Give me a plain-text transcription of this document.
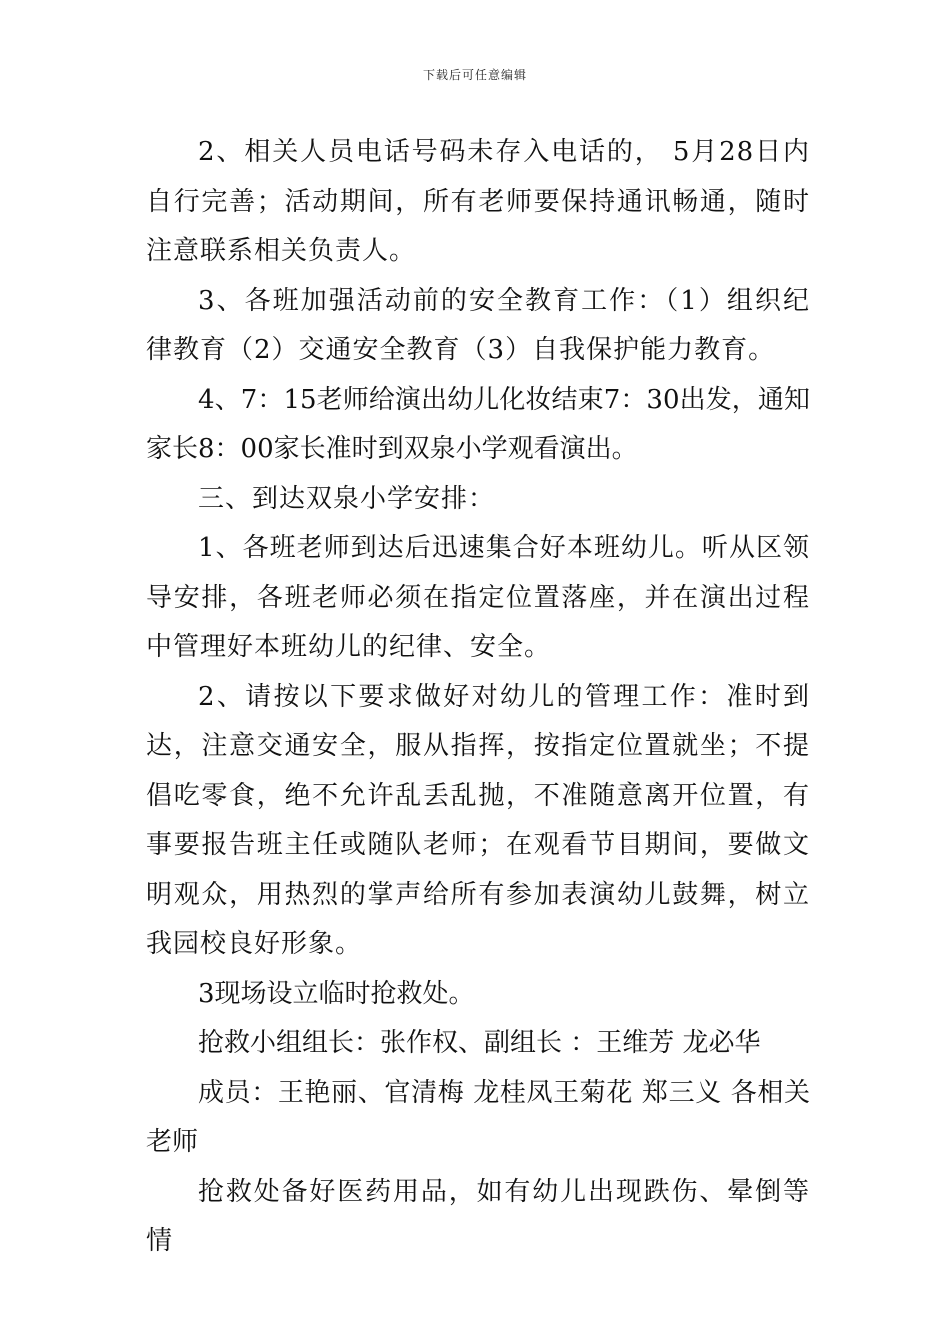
下载后可任意编辑

2、相关人员电话号码未存入电话的， 5月28日内自行完善；活动期间，所有老师要保持通讯畅通，随时注意联系相关负责人。

3、各班加强活动前的安全教育工作：（1）组织纪律教育（2）交通安全教育（3）自我保护能力教育。

4、7：15老师给演出幼儿化妆结束7：30出发，通知家长8：00家长准时到双泉小学观看演出。

三、到达双泉小学安排：

1、各班老师到达后迅速集合好本班幼儿。听从区领导安排，各班老师必须在指定位置落座，并在演出过程中管理好本班幼儿的纪律、安全。

2、请按以下要求做好对幼儿的管理工作：准时到达，注意交通安全，服从指挥，按指定位置就坐；不提倡吃零食，绝不允许乱丢乱抛，不准随意离开位置，有事要报告班主任或随队老师；在观看节目期间，要做文明观众，用热烈的掌声给所有参加表演幼儿鼓舞，树立我园校良好形象。

3现场设立临时抢救处。

抢救小组组长：张作权、副组长 ：王维芳 龙必华

成员：王艳丽、官清梅 龙桂凤王菊花 郑三义 各相关老师

抢救处备好医药用品，如有幼儿出现跌伤、晕倒等情
